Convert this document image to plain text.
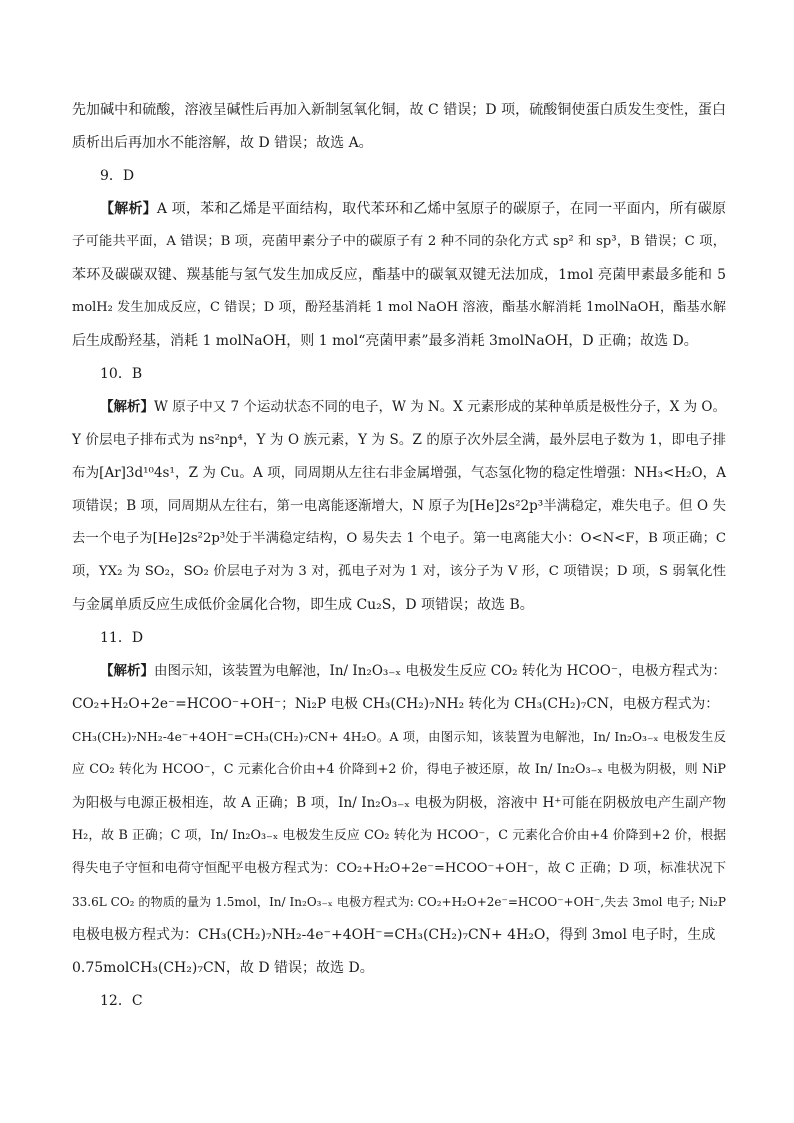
先加碱中和硫酸，溶液呈碱性后再加入新制氢氧化铜，故 C 错误；D 项，硫酸铜使蛋白质发生变性，蛋白
质析出后再加水不能溶解，故 D 错误；故选 A。
9．D
【解析】A 项，苯和乙烯是平面结构，取代苯环和乙烯中氢原子的碳原子，在同一平面内，所有碳原
子可能共平面，A 错误；B 项，亮菌甲素分子中的碳原子有 2 种不同的杂化方式 sp² 和 sp³，B 错误；C 项，
苯环及碳碳双键、羰基能与氢气发生加成反应，酯基中的碳氧双键无法加成，1mol 亮菌甲素最多能和 5
molH₂ 发生加成反应，C 错误；D 项，酚羟基消耗 1 mol NaOH 溶液，酯基水解消耗 1molNaOH，酯基水解
后生成酚羟基，消耗 1 molNaOH，则 1 mol“亮菌甲素”最多消耗 3molNaOH，D 正确；故选 D。
10．B
【解析】W 原子中又 7 个运动状态不同的电子，W 为 N。X 元素形成的某种单质是极性分子，X 为 O。
Y 价层电子排布式为 ns²np⁴，Y 为 O 族元素，Y 为 S。Z 的原子次外层全满，最外层电子数为 1，即电子排
布为[Ar]3d¹⁰4s¹，Z 为 Cu。A 项，同周期从左往右非金属增强，气态氢化物的稳定性增强：NH₃<H₂O，A
项错误；B 项，同周期从左往右，第一电离能逐渐增大，N 原子为[He]2s²2p³半满稳定，难失电子。但 O 失
去一个电子为[He]2s²2p³处于半满稳定结构，O 易失去 1 个电子。第一电离能大小：O<N<F，B 项正确；C
项，YX₂ 为 SO₂，SO₂ 价层电子对为 3 对，孤电子对为 1 对，该分子为 V 形，C 项错误；D 项，S 弱氧化性
与金属单质反应生成低价金属化合物，即生成 Cu₂S，D 项错误；故选 B。
11．D
【解析】由图示知，该装置为电解池，In/ In₂O₃₋ₓ 电极发生反应 CO₂ 转化为 HCOO⁻，电极方程式为：
CO₂+H₂O+2e⁻=HCOO⁻+OH⁻；Ni₂P 电极 CH₃(CH₂)₇NH₂ 转化为 CH₃(CH₂)₇CN，电极方程式为：
CH₃(CH₂)₇NH₂-4e⁻+4OH⁻=CH₃(CH₂)₇CN+ 4H₂O。A 项，由图示知，该装置为电解池，In/ In₂O₃₋ₓ 电极发生反
应 CO₂ 转化为 HCOO⁻，C 元素化合价由+4 价降到+2 价，得电子被还原，故 In/ In₂O₃₋ₓ 电极为阴极，则 NiP
为阳极与电源正极相连，故 A 正确；B 项，In/ In₂O₃₋ₓ 电极为阴极，溶液中 H⁺可能在阴极放电产生副产物
H₂，故 B 正确；C 项，In/ In₂O₃₋ₓ 电极发生反应 CO₂ 转化为 HCOO⁻，C 元素化合价由+4 价降到+2 价，根据
得失电子守恒和电荷守恒配平电极方程式为：CO₂+H₂O+2e⁻=HCOO⁻+OH⁻，故 C 正确；D 项，标准状况下
33.6L CO₂ 的物质的量为 1.5mol，In/ In₂O₃₋ₓ 电极方程式为: CO₂+H₂O+2e⁻=HCOO⁻+OH⁻,失去 3mol 电子; Ni₂P
电极电极方程式为：CH₃(CH₂)₇NH₂-4e⁻+4OH⁻=CH₃(CH₂)₇CN+ 4H₂O，得到 3mol 电子时，生成
0.75molCH₃(CH₂)₇CN，故 D 错误；故选 D。
12．C
